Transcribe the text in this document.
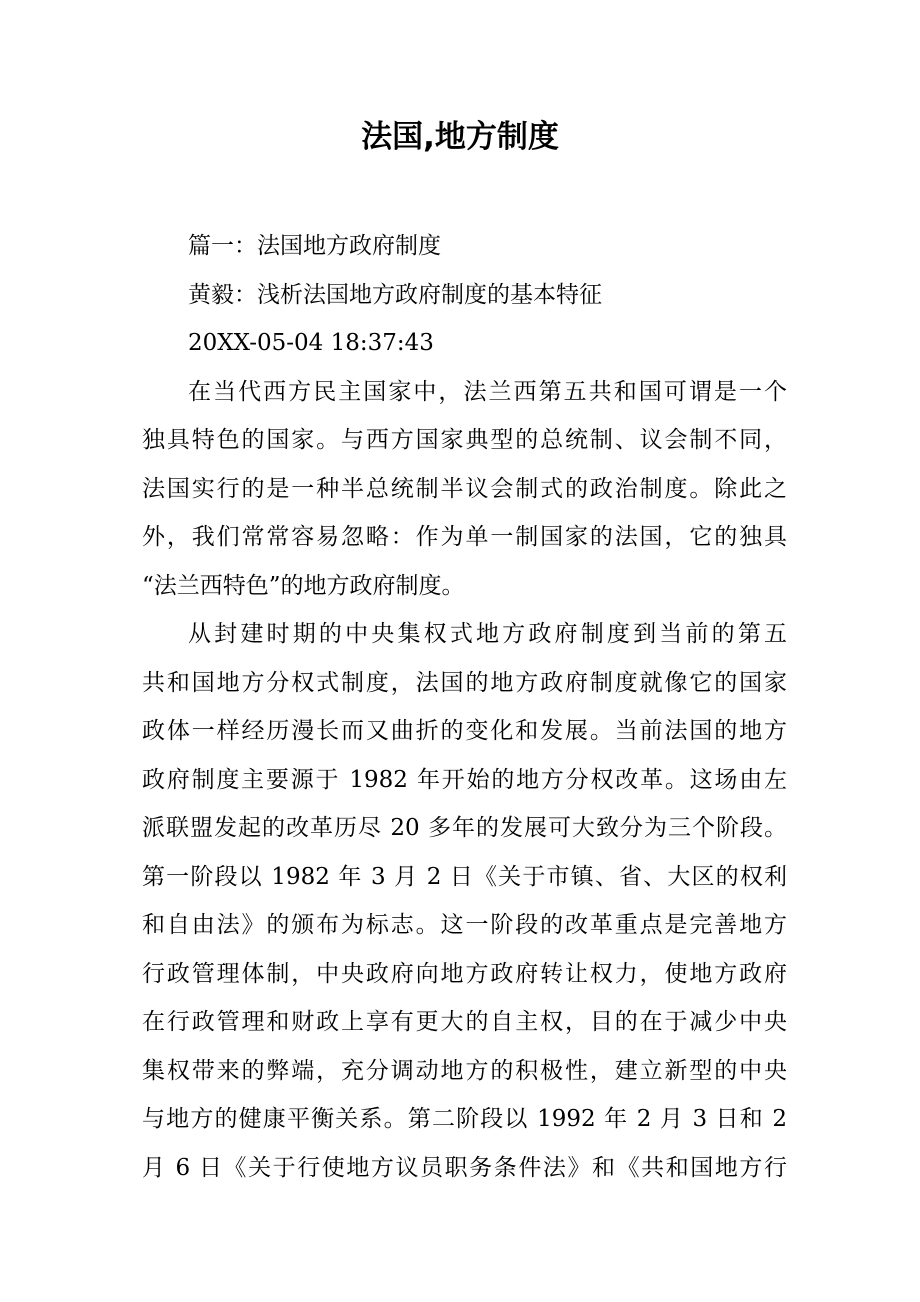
法国,地方制度
篇一：法国地方政府制度
黄毅：浅析法国地方政府制度的基本特征
20XX-05-04 18:37:43
在当代西方民主国家中，法兰西第五共和国可谓是一个
独具特色的国家。与西方国家典型的总统制、议会制不同，
法国实行的是一种半总统制半议会制式的政治制度。除此之
外，我们常常容易忽略：作为单一制国家的法国，它的独具
“法兰西特色”的地方政府制度。
从封建时期的中央集权式地方政府制度到当前的第五
共和国地方分权式制度，法国的地方政府制度就像它的国家
政体一样经历漫长而又曲折的变化和发展。当前法国的地方
政府制度主要源于 1982 年开始的地方分权改革。这场由左
派联盟发起的改革历尽 20 多年的发展可大致分为三个阶段。
第一阶段以 1982 年 3 月 2 日《关于市镇、省、大区的权利
和自由法》的颁布为标志。这一阶段的改革重点是完善地方
行政管理体制，中央政府向地方政府转让权力，使地方政府
在行政管理和财政上享有更大的自主权，目的在于减少中央
集权带来的弊端，充分调动地方的积极性，建立新型的中央
与地方的健康平衡关系。第二阶段以 1992 年 2 月 3 日和 2
月 6 日《关于行使地方议员职务条件法》和《共和国地方行
